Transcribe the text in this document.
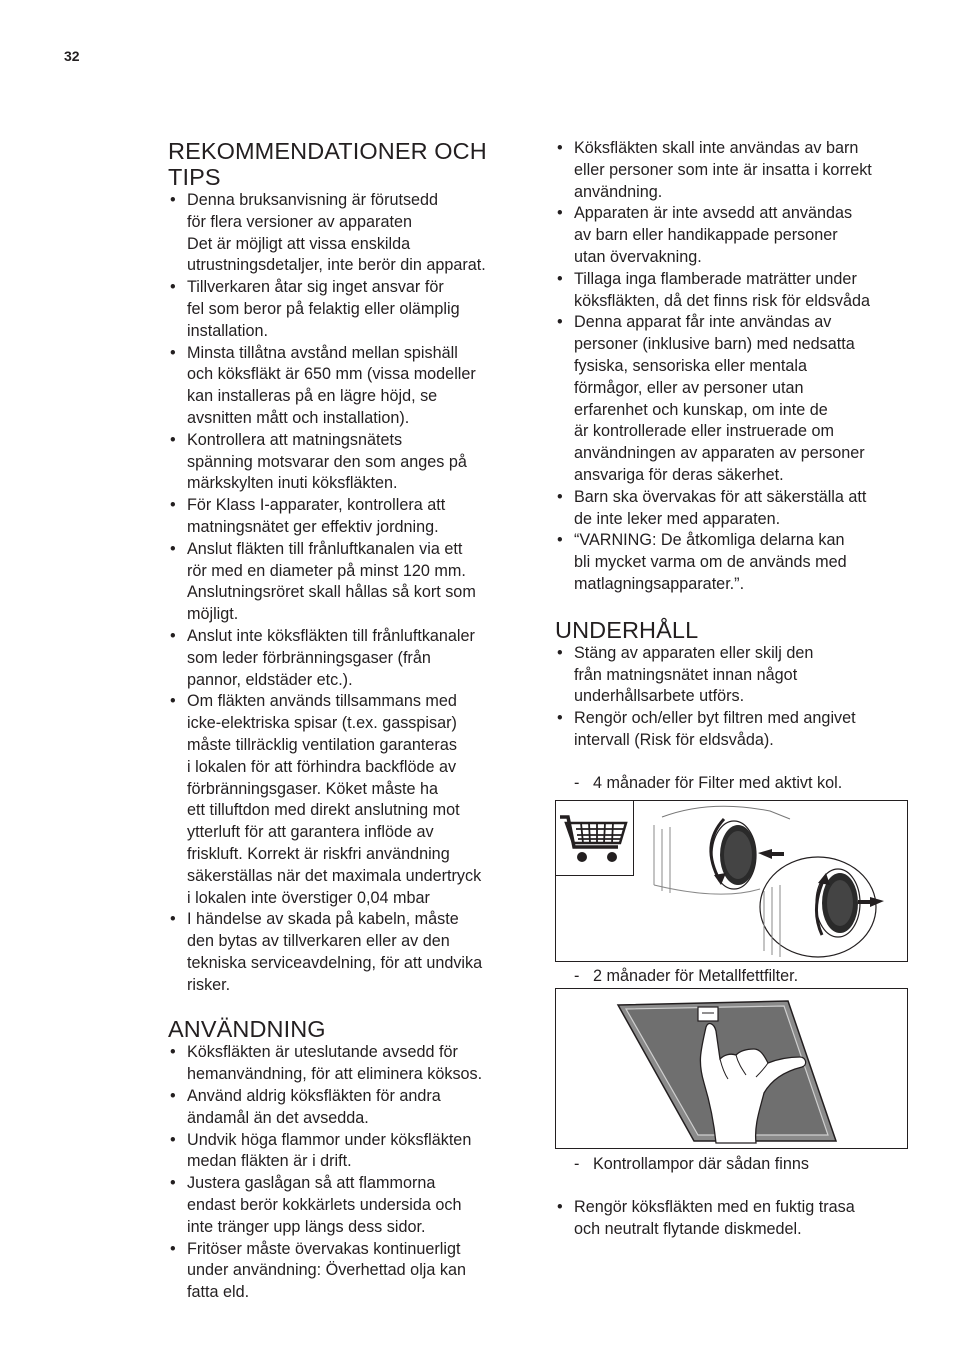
32
REKOMMENDATIONER OCH TIPS
• Denna bruksanvisning är förutsedd
för flera versioner av apparaten
Det är möjligt att vissa enskilda
utrustningsdetaljer, inte berör din apparat.
• Tillverkaren åtar sig inget ansvar för
fel som beror på felaktig eller olämplig
installation.
• Minsta tillåtna avstånd mellan spishäll
och köksfläkt är 650 mm (vissa modeller
kan installeras på en lägre höjd, se
avsnitten mått och installation).
• Kontrollera att matningsnätets
spänning motsvarar den som anges på
märkskylten inuti köksfläkten.
• För Klass I-apparater, kontrollera att
matningsnätet ger effektiv jordning.
• Anslut fläkten till frånluftkanalen via ett
rör med en diameter på minst 120 mm.
Anslutningsröret skall hållas så kort som
möjligt.
• Anslut inte köksfläkten till frånluftkanaler
som leder förbränningsgaser (från
pannor, eldstäder etc.).
• Om fläkten används tillsammans med
icke-elektriska spisar (t.ex. gasspisar)
måste tillräcklig ventilation garanteras
i lokalen för att förhindra backflöde av
förbränningsgaser. Köket måste ha
ett tilluftdon med direkt anslutning mot
ytterluft för att garantera inflöde av
friskluft. Korrekt är riskfri användning
säkerställas när det maximala undertryck
i lokalen inte överstiger 0,04 mbar
• I händelse av skada på kabeln, måste
den bytas av tillverkaren eller av den
tekniska serviceavdelning, för att undvika
risker.
ANVÄNDNING
• Köksfläkten är uteslutande avsedd för
hemanvändning, för att eliminera köksos.
• Använd aldrig köksfläkten för andra
ändamål än det avsedda.
• Undvik höga flammor under köksfläkten
medan fläkten är i drift.
• Justera gaslågan så att flammorna
endast berör kokkärlets undersida och
inte tränger upp längs dess sidor.
• Fritöser måste övervakas kontinuerligt
under användning: Överhettad olja kan
fatta eld.
• Köksfläkten skall inte användas av barn
eller personer som inte är insatta i korrekt
användning.
• Apparaten är inte avsedd att användas
av barn eller handikappade personer
utan övervakning.
• Tillaga inga flamberade maträtter under
köksfläkten, då det finns risk för eldsvåda
• Denna apparat får inte användas av
personer (inklusive barn) med nedsatta
fysiska, sensoriska eller mentala
förmågor, eller av personer utan
erfarenhet och kunskap, om inte de
är kontrollerade eller instruerade om
användningen av apparaten av personer
ansvariga för deras säkerhet.
• Barn ska övervakas för att säkerställa att
de inte leker med apparaten.
• “VARNING: De åtkomliga delarna kan
bli mycket varma om de används med
matlagningsapparater.”.
UNDERHÅLL
• Stäng av apparaten eller skilj den
från matningsnätet innan något
underhållsarbete utförs.
• Rengör och/eller byt filtren med angivet
intervall (Risk för eldsvåda).
- 4 månader för Filter med aktivt kol.
- 2 månader för Metallfettfilter.
- Kontrollampor där sådan finns
• Rengör köksfläkten med en fuktig trasa
och neutralt flytande diskmedel.
